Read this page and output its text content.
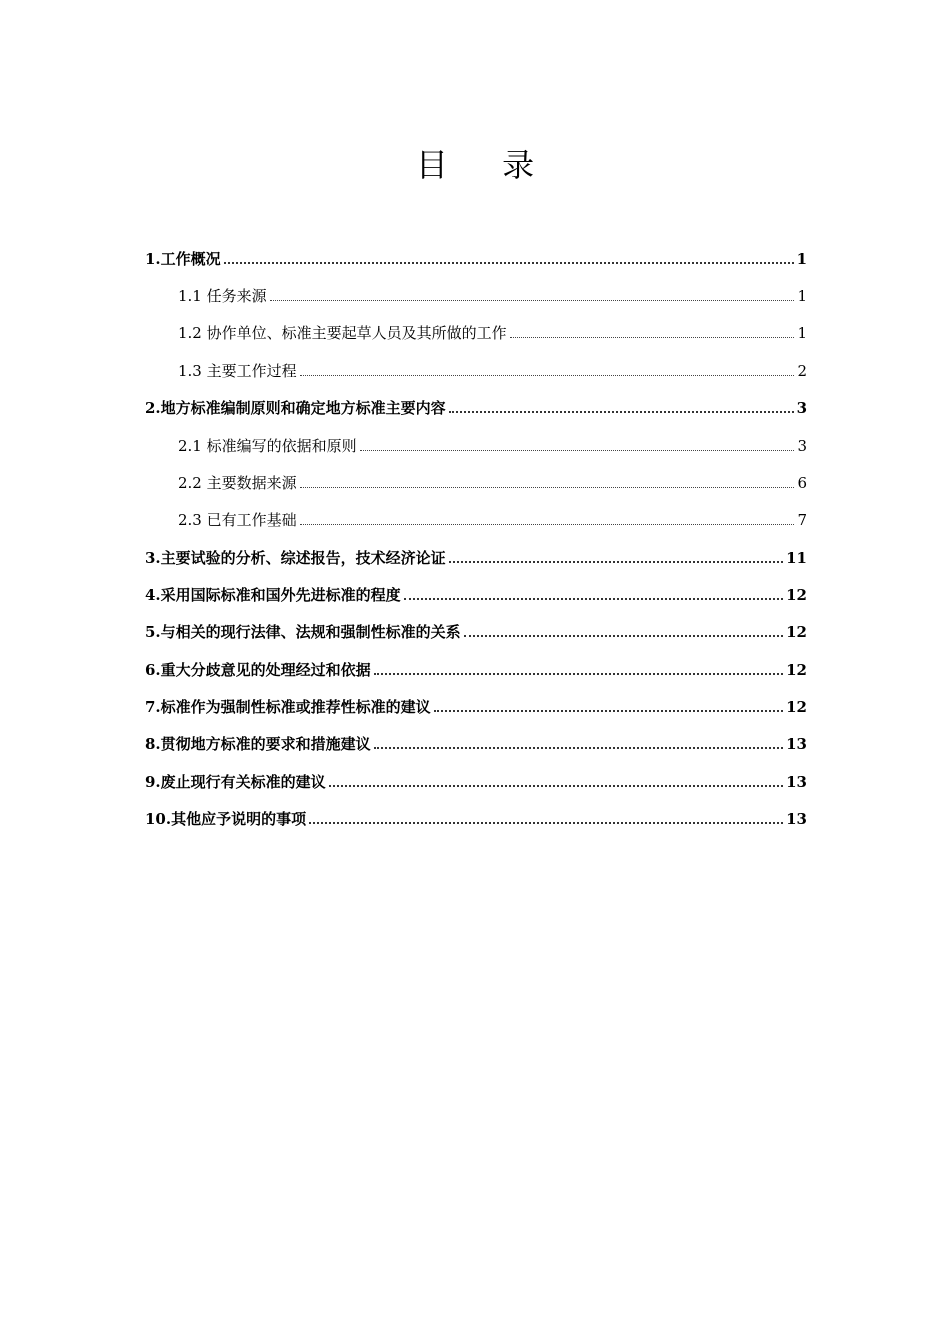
目 录
1.工作概况	1
1.1 任务来源	1
1.2 协作单位、标准主要起草人员及其所做的工作	1
1.3 主要工作过程	2
2.地方标准编制原则和确定地方标准主要内容	3
2.1 标准编写的依据和原则	3
2.2 主要数据来源	6
2.3 已有工作基础	7
3.主要试验的分析、综述报告，技术经济论证	11
4.采用国际标准和国外先进标准的程度	12
5.与相关的现行法律、法规和强制性标准的关系	12
6.重大分歧意见的处理经过和依据	12
7.标准作为强制性标准或推荐性标准的建议	12
8.贯彻地方标准的要求和措施建议	13
9.废止现行有关标准的建议	13
10.其他应予说明的事项	13
